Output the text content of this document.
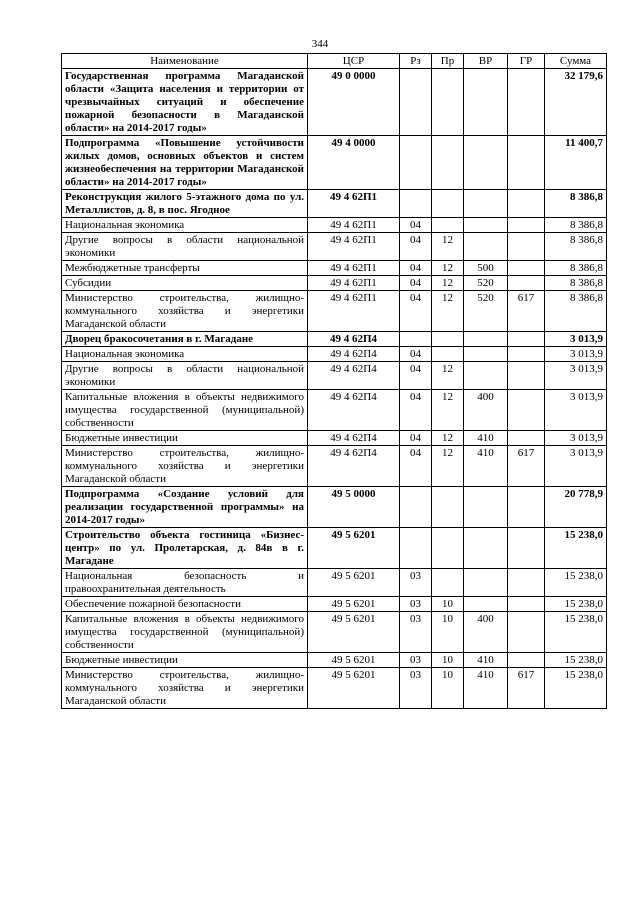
344
Наименование	ЦСР	Рз	Пр	ВР	ГР	Сумма
Государственная программа Магаданской области «Защита населения и территории от чрезвычайных ситуаций и обеспечение пожарной безопасности в Магаданской области» на 2014-2017 годы»	49 0 0000					32 179,6
Подпрограмма «Повышение устойчивости жилых домов, основных объектов и систем жизнеобеспечения на территории Магаданской области» на 2014-2017 годы»	49 4 0000					11 400,7
Реконструкция жилого 5-этажного дома по ул. Металлистов, д. 8, в пос. Ягодное	49 4 62П1					8 386,8
Национальная экономика	49 4 62П1	04				8 386,8
Другие вопросы в области национальной экономики	49 4 62П1	04	12			8 386,8
Межбюджетные трансферты	49 4 62П1	04	12	500		8 386,8
Субсидии	49 4 62П1	04	12	520		8 386,8
Министерство строительства, жилищно-коммунального хозяйства и энергетики Магаданской области	49 4 62П1	04	12	520	617	8 386,8
Дворец бракосочетания в г. Магадане	49 4 62П4					3 013,9
Национальная экономика	49 4 62П4	04				3 013,9
Другие вопросы в области национальной экономики	49 4 62П4	04	12			3 013,9
Капитальные вложения в объекты недвижимого имущества государственной (муниципальной) собственности	49 4 62П4	04	12	400		3 013,9
Бюджетные инвестиции	49 4 62П4	04	12	410		3 013,9
Министерство строительства, жилищно-коммунального хозяйства и энергетики Магаданской области	49 4 62П4	04	12	410	617	3 013,9
Подпрограмма «Создание условий для реализации государственной программы» на 2014-2017 годы»	49 5 0000					20 778,9
Строительство объекта гостиница «Бизнес-центр» по ул. Пролетарская, д. 84в в г. Магадане	49 5 6201					15 238,0
Национальная безопасность и правоохранительная деятельность	49 5 6201	03				15 238,0
Обеспечение пожарной безопасности	49 5 6201	03	10			15 238,0
Капитальные вложения в объекты недвижимого имущества государственной (муниципальной) собственности	49 5 6201	03	10	400		15 238,0
Бюджетные инвестиции	49 5 6201	03	10	410		15 238,0
Министерство строительства, жилищно-коммунального хозяйства и энергетики Магаданской области	49 5 6201	03	10	410	617	15 238,0
